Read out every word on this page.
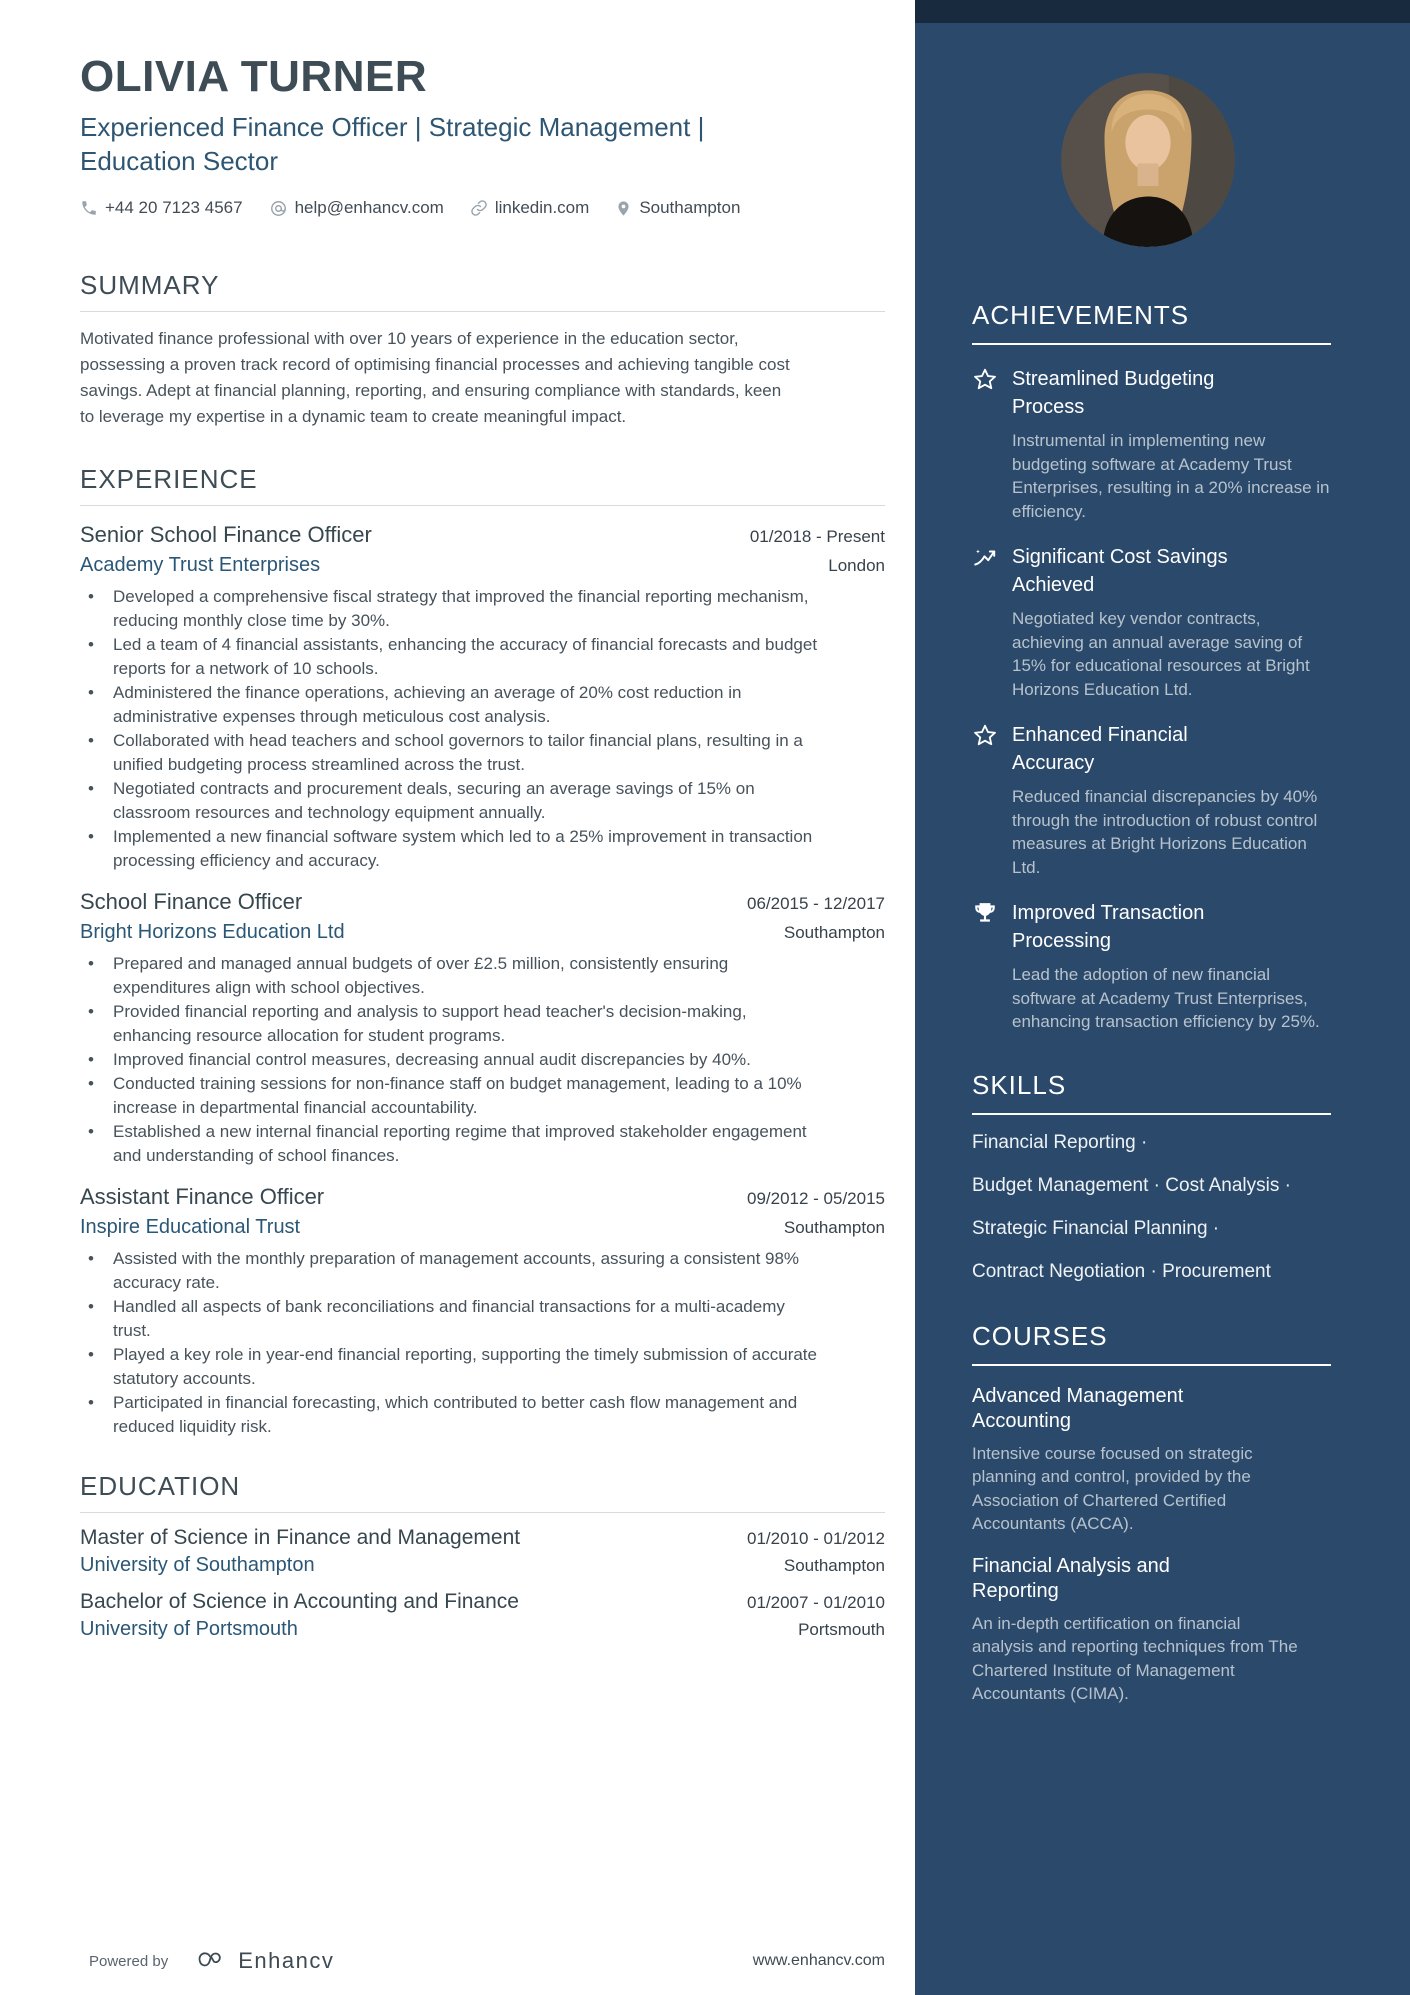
ACHIEVEMENTS
Streamlined Budgeting Process
Instrumental in implementing new budgeting software at Academy Trust Enterprises, resulting in a 20% increase in efficiency.
Significant Cost Savings Achieved
Negotiated key vendor contracts, achieving an annual average saving of 15% for educational resources at Bright Horizons Education Ltd.
Enhanced Financial Accuracy
Reduced financial discrepancies by 40% through the introduction of robust control measures at Bright Horizons Education Ltd.
Improved Transaction Processing
Lead the adoption of new financial software at Academy Trust Enterprises, enhancing transaction efficiency by 25%.
SKILLS
Financial Reporting ·
Budget Management · Cost Analysis ·
Strategic Financial Planning ·
Contract Negotiation · Procurement
COURSES
Advanced Management Accounting
Intensive course focused on strategic planning and control, provided by the Association of Chartered Certified Accountants (ACCA).
Financial Analysis and Reporting
An in-depth certification on financial analysis and reporting techniques from The Chartered Institute of Management Accountants (CIMA).
OLIVIA TURNER
Experienced Finance Officer | Strategic Management | Education Sector
+44 20 7123 4567	help@enhancv.com	linkedin.com	Southampton
SUMMARY
Motivated finance professional with over 10 years of experience in the education sector, possessing a proven track record of optimising financial processes and achieving tangible cost savings. Adept at financial planning, reporting, and ensuring compliance with standards, keen to leverage my expertise in a dynamic team to create meaningful impact.
EXPERIENCE
Senior School Finance Officer	01/2018 - Present
Academy Trust Enterprises	London
• Developed a comprehensive fiscal strategy that improved the financial reporting mechanism, reducing monthly close time by 30%.
• Led a team of 4 financial assistants, enhancing the accuracy of financial forecasts and budget reports for a network of 10 schools.
• Administered the finance operations, achieving an average of 20% cost reduction in administrative expenses through meticulous cost analysis.
• Collaborated with head teachers and school governors to tailor financial plans, resulting in a unified budgeting process streamlined across the trust.
• Negotiated contracts and procurement deals, securing an average savings of 15% on classroom resources and technology equipment annually.
• Implemented a new financial software system which led to a 25% improvement in transaction processing efficiency and accuracy.
School Finance Officer	06/2015 - 12/2017
Bright Horizons Education Ltd	Southampton
• Prepared and managed annual budgets of over £2.5 million, consistently ensuring expenditures align with school objectives.
• Provided financial reporting and analysis to support head teacher's decision-making, enhancing resource allocation for student programs.
• Improved financial control measures, decreasing annual audit discrepancies by 40%.
• Conducted training sessions for non-finance staff on budget management, leading to a 10% increase in departmental financial accountability.
• Established a new internal financial reporting regime that improved stakeholder engagement and understanding of school finances.
Assistant Finance Officer	09/2012 - 05/2015
Inspire Educational Trust	Southampton
• Assisted with the monthly preparation of management accounts, assuring a consistent 98% accuracy rate.
• Handled all aspects of bank reconciliations and financial transactions for a multi-academy trust.
• Played a key role in year-end financial reporting, supporting the timely submission of accurate statutory accounts.
• Participated in financial forecasting, which contributed to better cash flow management and reduced liquidity risk.
EDUCATION
Master of Science in Finance and Management	01/2010 - 01/2012
University of Southampton	Southampton
Bachelor of Science in Accounting and Finance	01/2007 - 01/2010
University of Portsmouth	Portsmouth
Powered by	Enhancv	www.enhancv.com
